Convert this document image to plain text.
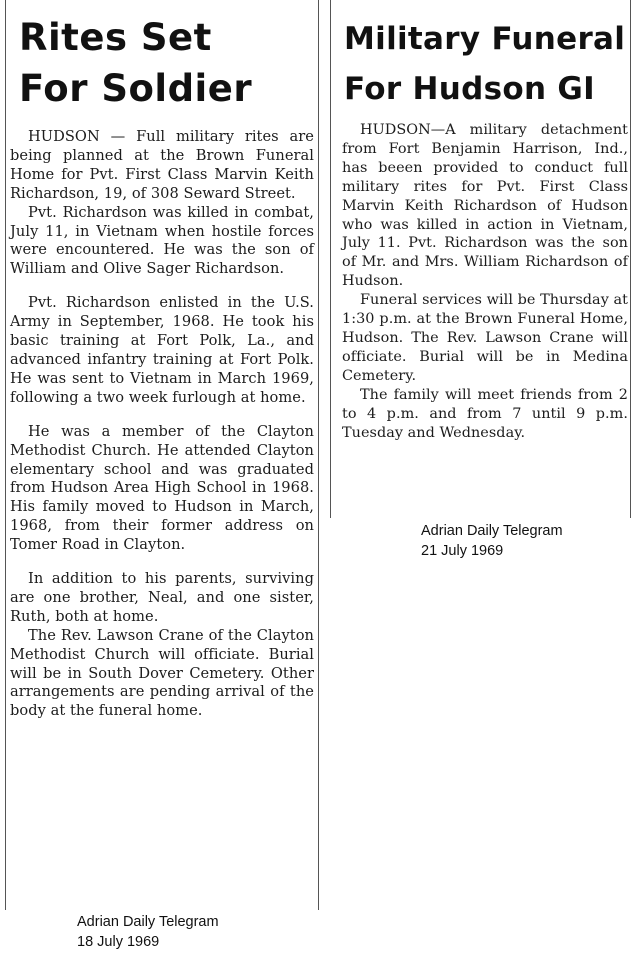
Rites Set
For Soldier

HUDSON — Full military rites are being planned at the Brown Funeral Home for Pvt. First Class Marvin Keith Richardson, 19, of 308 Seward Street.

Pvt. Richardson was killed in combat, July 11, in Vietnam when hostile forces were encountered. He was the son of William and Olive Sager Richardson.

Pvt. Richardson enlisted in the U.S. Army in September, 1968. He took his basic training at Fort Polk, La., and advanced infantry training at Fort Polk. He was sent to Vietnam in March 1969, following a two week furlough at home.

He was a member of the Clayton Methodist Church. He attended Clayton elementary school and was graduated from Hudson Area High School in 1968. His family moved to Hudson in March, 1968, from their former address on Tomer Road in Clayton.

In addition to his parents, surviving are one brother, Neal, and one sister, Ruth, both at home.

The Rev. Lawson Crane of the Clayton Methodist Church will officiate. Burial will be in South Dover Cemetery. Other arrangements are pending arrival of the body at the funeral home.

Military Funeral
For Hudson GI

HUDSON—A military detachment from Fort Benjamin Harrison, Ind., has beeen provided to conduct full military rites for Pvt. First Class Marvin Keith Richardson of Hudson who was killed in action in Vietnam, July 11. Pvt. Richardson was the son of Mr. and Mrs. William Richardson of Hudson.

Funeral services will be Thursday at 1:30 p.m. at the Brown Funeral Home, Hudson. The Rev. Lawson Crane will officiate. Burial will be in Medina Cemetery.

The family will meet friends from 2 to 4 p.m. and from 7 until 9 p.m. Tuesday and Wednesday.

Adrian Daily Telegram
18 July 1969
Adrian Daily Telegram
21 July 1969
